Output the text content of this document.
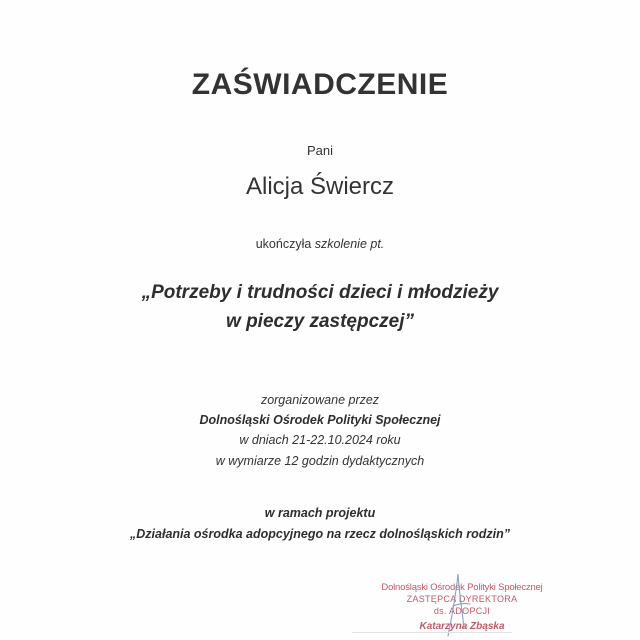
ZAŚWIADCZENIE
Pani
Alicja Świercz
ukończyła szkolenie pt.
„Potrzeby i trudności dzieci i młodzieży
w pieczy zastępczej”
zorganizowane przez
Dolnośląski Ośrodek Polityki Społecznej
w dniach 21-22.10.2024 roku
w wymiarze 12 godzin dydaktycznych
w ramach projektu
„Działania ośrodka adopcyjnego na rzecz dolnośląskich rodzin”
Dolnośląski Ośrodek Polityki Społecznej
ZASTĘPCA DYREKTORA
ds. ADOPCJI
Katarzyna Zbąska
